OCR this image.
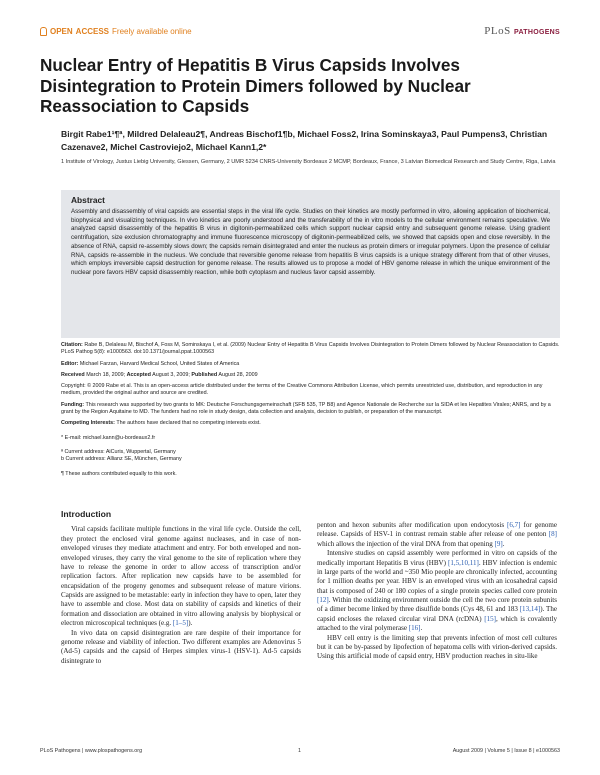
OPEN ACCESS Freely available online	PLoS PATHOGENS
Nuclear Entry of Hepatitis B Virus Capsids Involves Disintegration to Protein Dimers followed by Nuclear Reassociation to Capsids
Birgit Rabe1¹¶ª, Mildred Delaleau2¶, Andreas Bischof1¶b, Michael Foss2, Irina Sominskaya3, Paul Pumpens3, Christian Cazenave2, Michel Castroviejo2, Michael Kann1,2*
1 Institute of Virology, Justus Liebig University, Giessen, Germany, 2 UMR 5234 CNRS-University Bordeaux 2 MCMP, Bordeaux, France, 3 Latvian Biomedical Research and Study Centre, Riga, Latvia
Abstract
Assembly and disassembly of viral capsids are essential steps in the viral life cycle. Studies on their kinetics are mostly performed in vitro, allowing application of biochemical, biophysical and visualizing techniques. In vivo kinetics are poorly understood and the transferability of the in vitro models to the cellular environment remains speculative. We analyzed capsid disassembly of the hepatitis B virus in digitonin-permeabilized cells which support nuclear capsid entry and subsequent genome release. Using gradient centrifugation, size exclusion chromatography and immune fluorescence microscopy of digitonin-permeabilized cells, we showed that capsids open and close reversibly. In the absence of RNA, capsid re-assembly slows down; the capsids remain disintegrated and enter the nucleus as protein dimers or irregular polymers. Upon the presence of cellular RNA, capsids re-assemble in the nucleus. We conclude that reversible genome release from hepatitis B virus capsids is a unique strategy different from that of other viruses, which employs irreversible capsid destruction for genome release. The results allowed us to propose a model of HBV genome release in which the unique environment of the nuclear pore favors HBV capsid disassembly reaction, while both cytoplasm and nucleus favor capsid assembly.

Citation: Rabe B, Delaleau M, Bischof A, Foss M, Sominskaya I, et al. (2009) Nuclear Entry of Hepatitis B Virus Capsids Involves Disintegration to Protein Dimers followed by Nuclear Reassociation to Capsids. PLoS Pathog 5(8): e1000563. doi:10.1371/journal.ppat.1000563

Editor: Michael Farzan, Harvard Medical School, United States of America

Received March 18, 2009; Accepted August 3, 2009; Published August 28, 2009

Copyright: © 2009 Rabe et al. This is an open-access article distributed under the terms of the Creative Commons Attribution License, which permits unrestricted use, distribution, and reproduction in any medium, provided the original author and source are credited.

Funding: This research was supported by two grants to MK: Deutsche Forschungsgemeinschaft (SFB 535, TP B8) and Agence Nationale de Recherche sur la SIDA et les Hepatites Virales; ANRS, and by a grant by the Region Aquitaine to MD. The funders had no role in study design, data collection and analysis, decision to publish, or preparation of the manuscript.

Competing Interests: The authors have declared that no competing interests exist.

* E-mail: michael.kann@u-bordeaux2.fr

ª Current address: AiCuris, Wuppertal, Germany

b Current address: Allianz SE, München, Germany

¶ These authors contributed equally to this work.

Introduction

Viral capsids facilitate multiple functions in the viral life cycle. Outside the cell, they protect the enclosed viral genome against nucleases, and in case of non-enveloped viruses they mediate attachment and entry. For both enveloped and non-enveloped viruses, they carry the viral genome to the site of replication where they have to release the genome in order to allow access of transcription and/or replication factors. After replication new capsids have to be assembled for encapsidation of the progeny genomes and subsequent release of mature virions. Capsids are assigned to be metastable: early in infection they have to open, later they have to assemble and close. Most data on stability of capsids and kinetics of their formation and dissociation are obtained in vitro allowing analysis by biophysical or electron microscopical techniques (e.g. [1–5]).

In vivo data on capsid disintegration are rare despite of their importance for genome release and viability of infection. Two different examples are Adenovirus 5 (Ad-5) capsids and the capsid of Herpes simplex virus-1 (HSV-1). Ad-5 capsids disintegrate to

penton and hexon subunits after modification upon endocytosis [6,7] for genome release. Capsids of HSV-1 in contrast remain stable after release of one penton [8] which allows the injection of the viral DNA from that opening [9].

Intensive studies on capsid assembly were performed in vitro on capsids of the medically important Hepatitis B virus (HBV) [1,5,10,11]. HBV infection is endemic in large parts of the world and ~350 Mio people are chronically infected, accounting for 1 million deaths per year. HBV is an enveloped virus with an icosahedral capsid that is composed of 240 or 180 copies of a single protein species called core protein [12]. Within the oxidizing environment outside the cell the two core protein subunits of a dimer become linked by three disulfide bonds (Cys 48, 61 and 183 [13,14]). The capsid encloses the relaxed circular viral DNA (rcDNA) [15], which is covalently attached to the viral polymerase [16].

HBV cell entry is the limiting step that prevents infection of most cell cultures but it can be by-passed by lipofection of hepatoma cells with virion-derived capsids. Using this artificial mode of capsid entry, HBV production reaches in situ-like

PLoS Pathogens | www.plospathogens.org	1	August 2009 | Volume 5 | Issue 8 | e1000563
